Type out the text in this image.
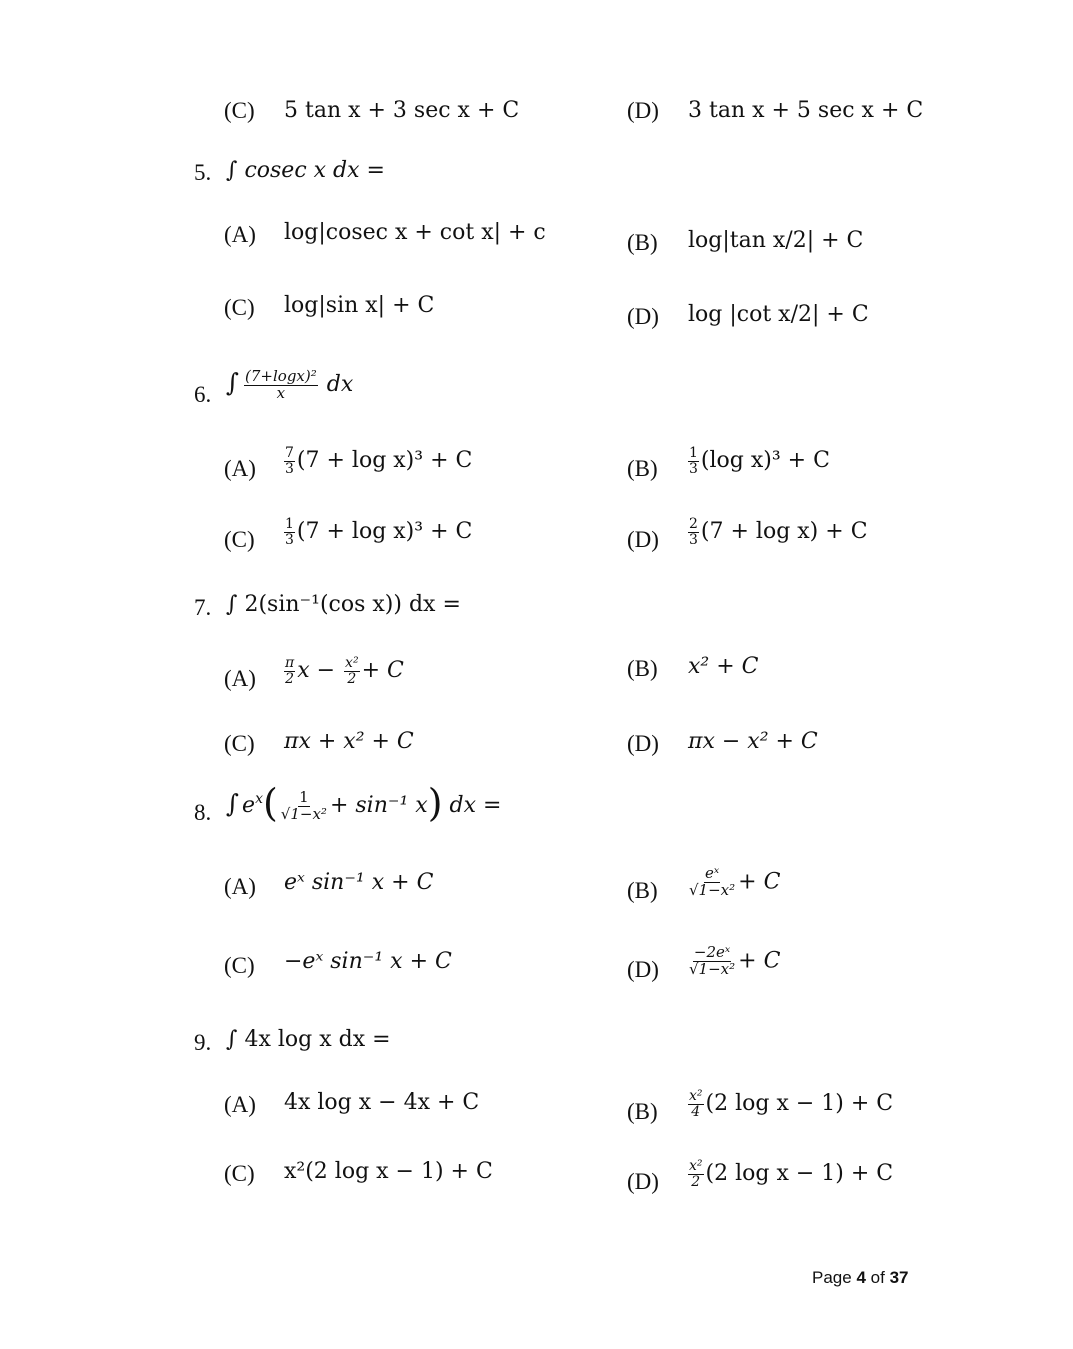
(C) 5 tan x + 3 sec x + C	(D) 3 tan x + 5 sec x + C
5. ∫ cosec x dx =
(A) log|cosec x + cot x| + c	(B) log|tan x/2| + C
(C) log|sin x| + C	(D) log |cot x/2| + C
6. ∫ $\frac{\text{(7+logx)²}}{x}$ dx
$(A) \frac{7}{3} (7 + \log x)^3 + C$	$(B) \frac{1}{3} (\log$ x)³ + C
$(C) \frac{1}{3} (7 + \log x)^3 + C$	$(D) \frac{2}{3} (7 + \log x) + C$
7. ∫ 2(sin⁻¹(cos x)) dx =
$(A) \frac{\pi}{2}$ $x - \frac{\text{x²}}{2} + C$	(B) x² + C
(C) πx + x² + C	(D) πx − x² + C
8. ∫ $e^x( \frac{1}{\text{√1−x²}} + \sin^{-1}$ x) dx =
(A) eˣ sin⁻¹ x + C	$(B) \frac{\text{eˣ}}{\text{√1−x²}} + C$
(C) −eˣ sin⁻¹ x + C	$(D) \frac{\text{−2eˣ}}{\text{√1−x²}} + C$
9. ∫ 4x log x dx =
(A) 4x log x − 4x + C	$(B) \frac{\text{x²}}{4} (2$ log x − 1) + C
(C) x²(2 log x − 1) + C	$(D) \frac{\text{x²}}{2} (2$ log x − 1) + C
Page 4 of 37
